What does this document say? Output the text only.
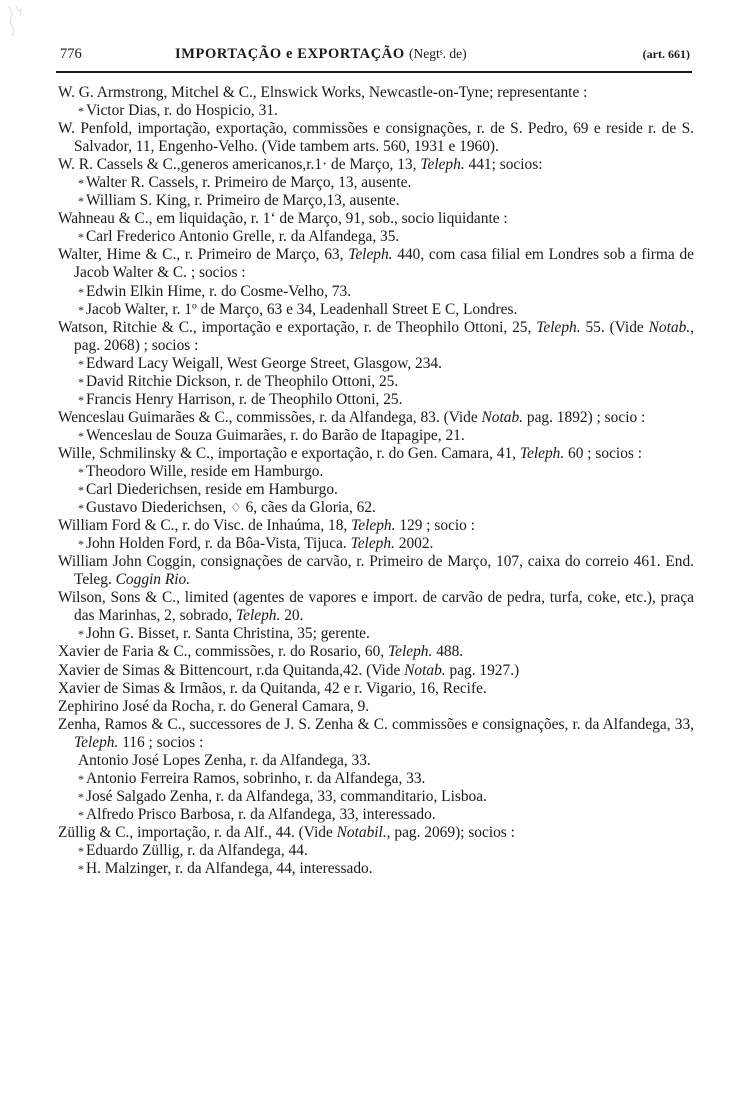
776	IMPORTAÇÃO e EXPORTAÇÃO (Negtˢ. de)	(art. 661)

W. G. Armstrong, Mitchel & C., Elnswick Works, Newcastle-on-Tyne; representante :

* Victor Dias, r. do Hospicio, 31.

W. Penfold, importação, exportação, commissões e consignações, r. de S. Pedro, 69 e reside r. de S. Salvador, 11, Engenho-Velho. (Vide tambem arts. 560, 1931 e 1960).

W. R. Cassels & C.,generos americanos,r.1· de Março, 13, Teleph. 441; socios:

* Walter R. Cassels, r. Primeiro de Março, 13, ausente.

* William S. King, r. Primeiro de Março,13, ausente.

Wahneau & C., em liquidação, r. 1‘ de Março, 91, sob., socio liquidante :

* Carl Frederico Antonio Grelle, r. da Alfandega, 35.

Walter, Hime & C., r. Primeiro de Março, 63, Teleph. 440, com casa filial em Londres sob a firma de Jacob Walter & C. ; socios :

* Edwin Elkin Hime, r. do Cosme-Velho, 73.

* Jacob Walter, r. 1º de Março, 63 e 34, Leadenhall Street E C, Londres.

Watson, Ritchie & C., importação e exportação, r. de Theophilo Ottoni, 25, Teleph. 55. (Vide Notab., pag. 2068) ; socios :

* Edward Lacy Weigall, West George Street, Glasgow, 234.

* David Ritchie Dickson, r. de Theophilo Ottoni, 25.

* Francis Henry Harrison, r. de Theophilo Ottoni, 25.

Wenceslau Guimarães & C., commissões, r. da Alfandega, 83. (Vide Notab. pag. 1892) ; socio :

* Wenceslau de Souza Guimarães, r. do Barão de Itapagipe, 21.

Wille, Schmilinsky & C., importação e exportação, r. do Gen. Camara, 41, Teleph. 60 ; socios :

* Theodoro Wille, reside em Hamburgo.

* Carl Diederichsen, reside em Hamburgo.

* Gustavo Diederichsen, ♢ 6, cães da Gloria, 62.

William Ford & C., r. do Visc. de Inhaúma, 18, Teleph. 129 ; socio :

* John Holden Ford, r. da Bôa-Vista, Tijuca. Teleph. 2002.

William John Coggin, consignações de carvão, r. Primeiro de Março, 107, caixa do correio 461. End. Teleg. Coggin Rio.

Wilson, Sons & C., limited (agentes de vapores e import. de carvão de pedra, turfa, coke, etc.), praça das Marinhas, 2, sobrado, Teleph. 20.

* John G. Bisset, r. Santa Christina, 35; gerente.

Xavier de Faria & C., commissões, r. do Rosario, 60, Teleph. 488.

Xavier de Simas & Bittencourt, r.da Quitanda,42. (Vide Notab. pag. 1927.)

Xavier de Simas & Irmãos, r. da Quitanda, 42 e r. Vigario, 16, Recife.

Zephirino José da Rocha, r. do General Camara, 9.

Zenha, Ramos & C., successores de J. S. Zenha & C. commissões e consignações, r. da Alfandega, 33, Teleph. 116 ; socios :

Antonio José Lopes Zenha, r. da Alfandega, 33.

* Antonio Ferreira Ramos, sobrinho, r. da Alfandega, 33.

* José Salgado Zenha, r. da Alfandega, 33, commanditario, Lisboa.

* Alfredo Prisco Barbosa, r. da Alfandega, 33, interessado.

Züllig & C., importação, r. da Alf., 44. (Vide Notabil., pag. 2069); socios :

* Eduardo Züllig, r. da Alfandega, 44.

* H. Malzinger, r. da Alfandega, 44, interessado.
